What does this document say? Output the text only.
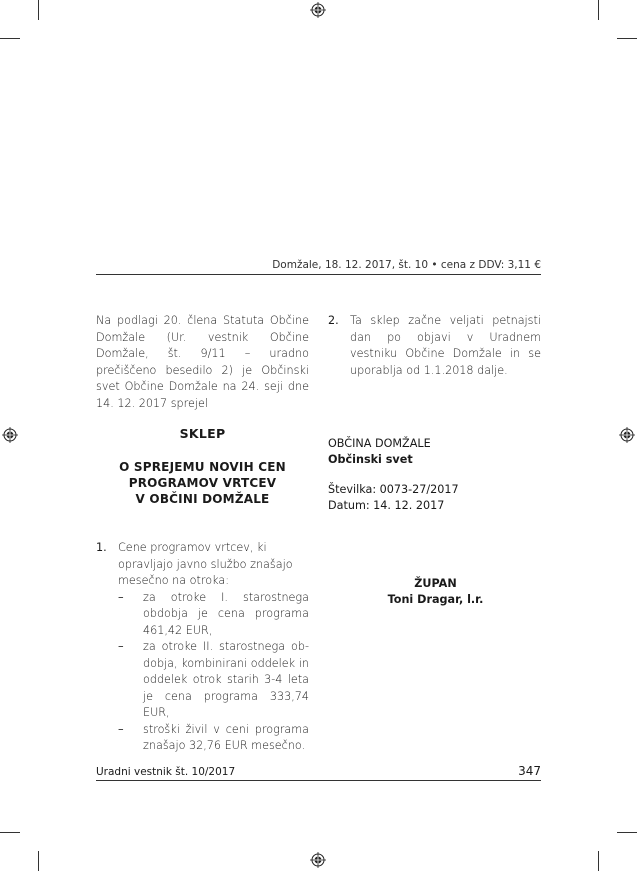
Domžale, 18. 12. 2017, št. 10 • cena z DDV: 3,11 €

Na podlagi 20. člena Statuta Občine Domžale (Ur. vestnik Občine Domžale, št. 9/11 – uradno prečiščeno besedilo 2) je Občinski svet Občine Domžale na 24. seji dne 14. 12. 2017 sprejel

SKLEP

O SPREJEMU NOVIH CEN

PROGRAMOV VRTCEV

V OBČINI DOMŽALE

1. Cene programov vrtcev, ki opravljajo javno službo znašajo mesečno na otroka:

– za otroke I. starostnega obdobja je cena programa 461,42 EUR,

– za otroke II. starostnega obdobja, kombinirani oddelek in oddelek otrok starih 3-4 leta je cena programa 333,74 EUR,

– stroški živil v ceni programa znašajo 32,76 EUR mesečno.

2. Ta sklep začne veljati petnajsti dan po objavi v Uradnem vestniku Občine Domžale in se uporablja od 1.1.2018 dalje.

OBČINA DOMŽALE

Občinski svet

Številka: 0073-27/2017

Datum: 14. 12. 2017

ŽUPAN

Toni Dragar, l.r.

Uradni vestnik št. 10/2017	347
